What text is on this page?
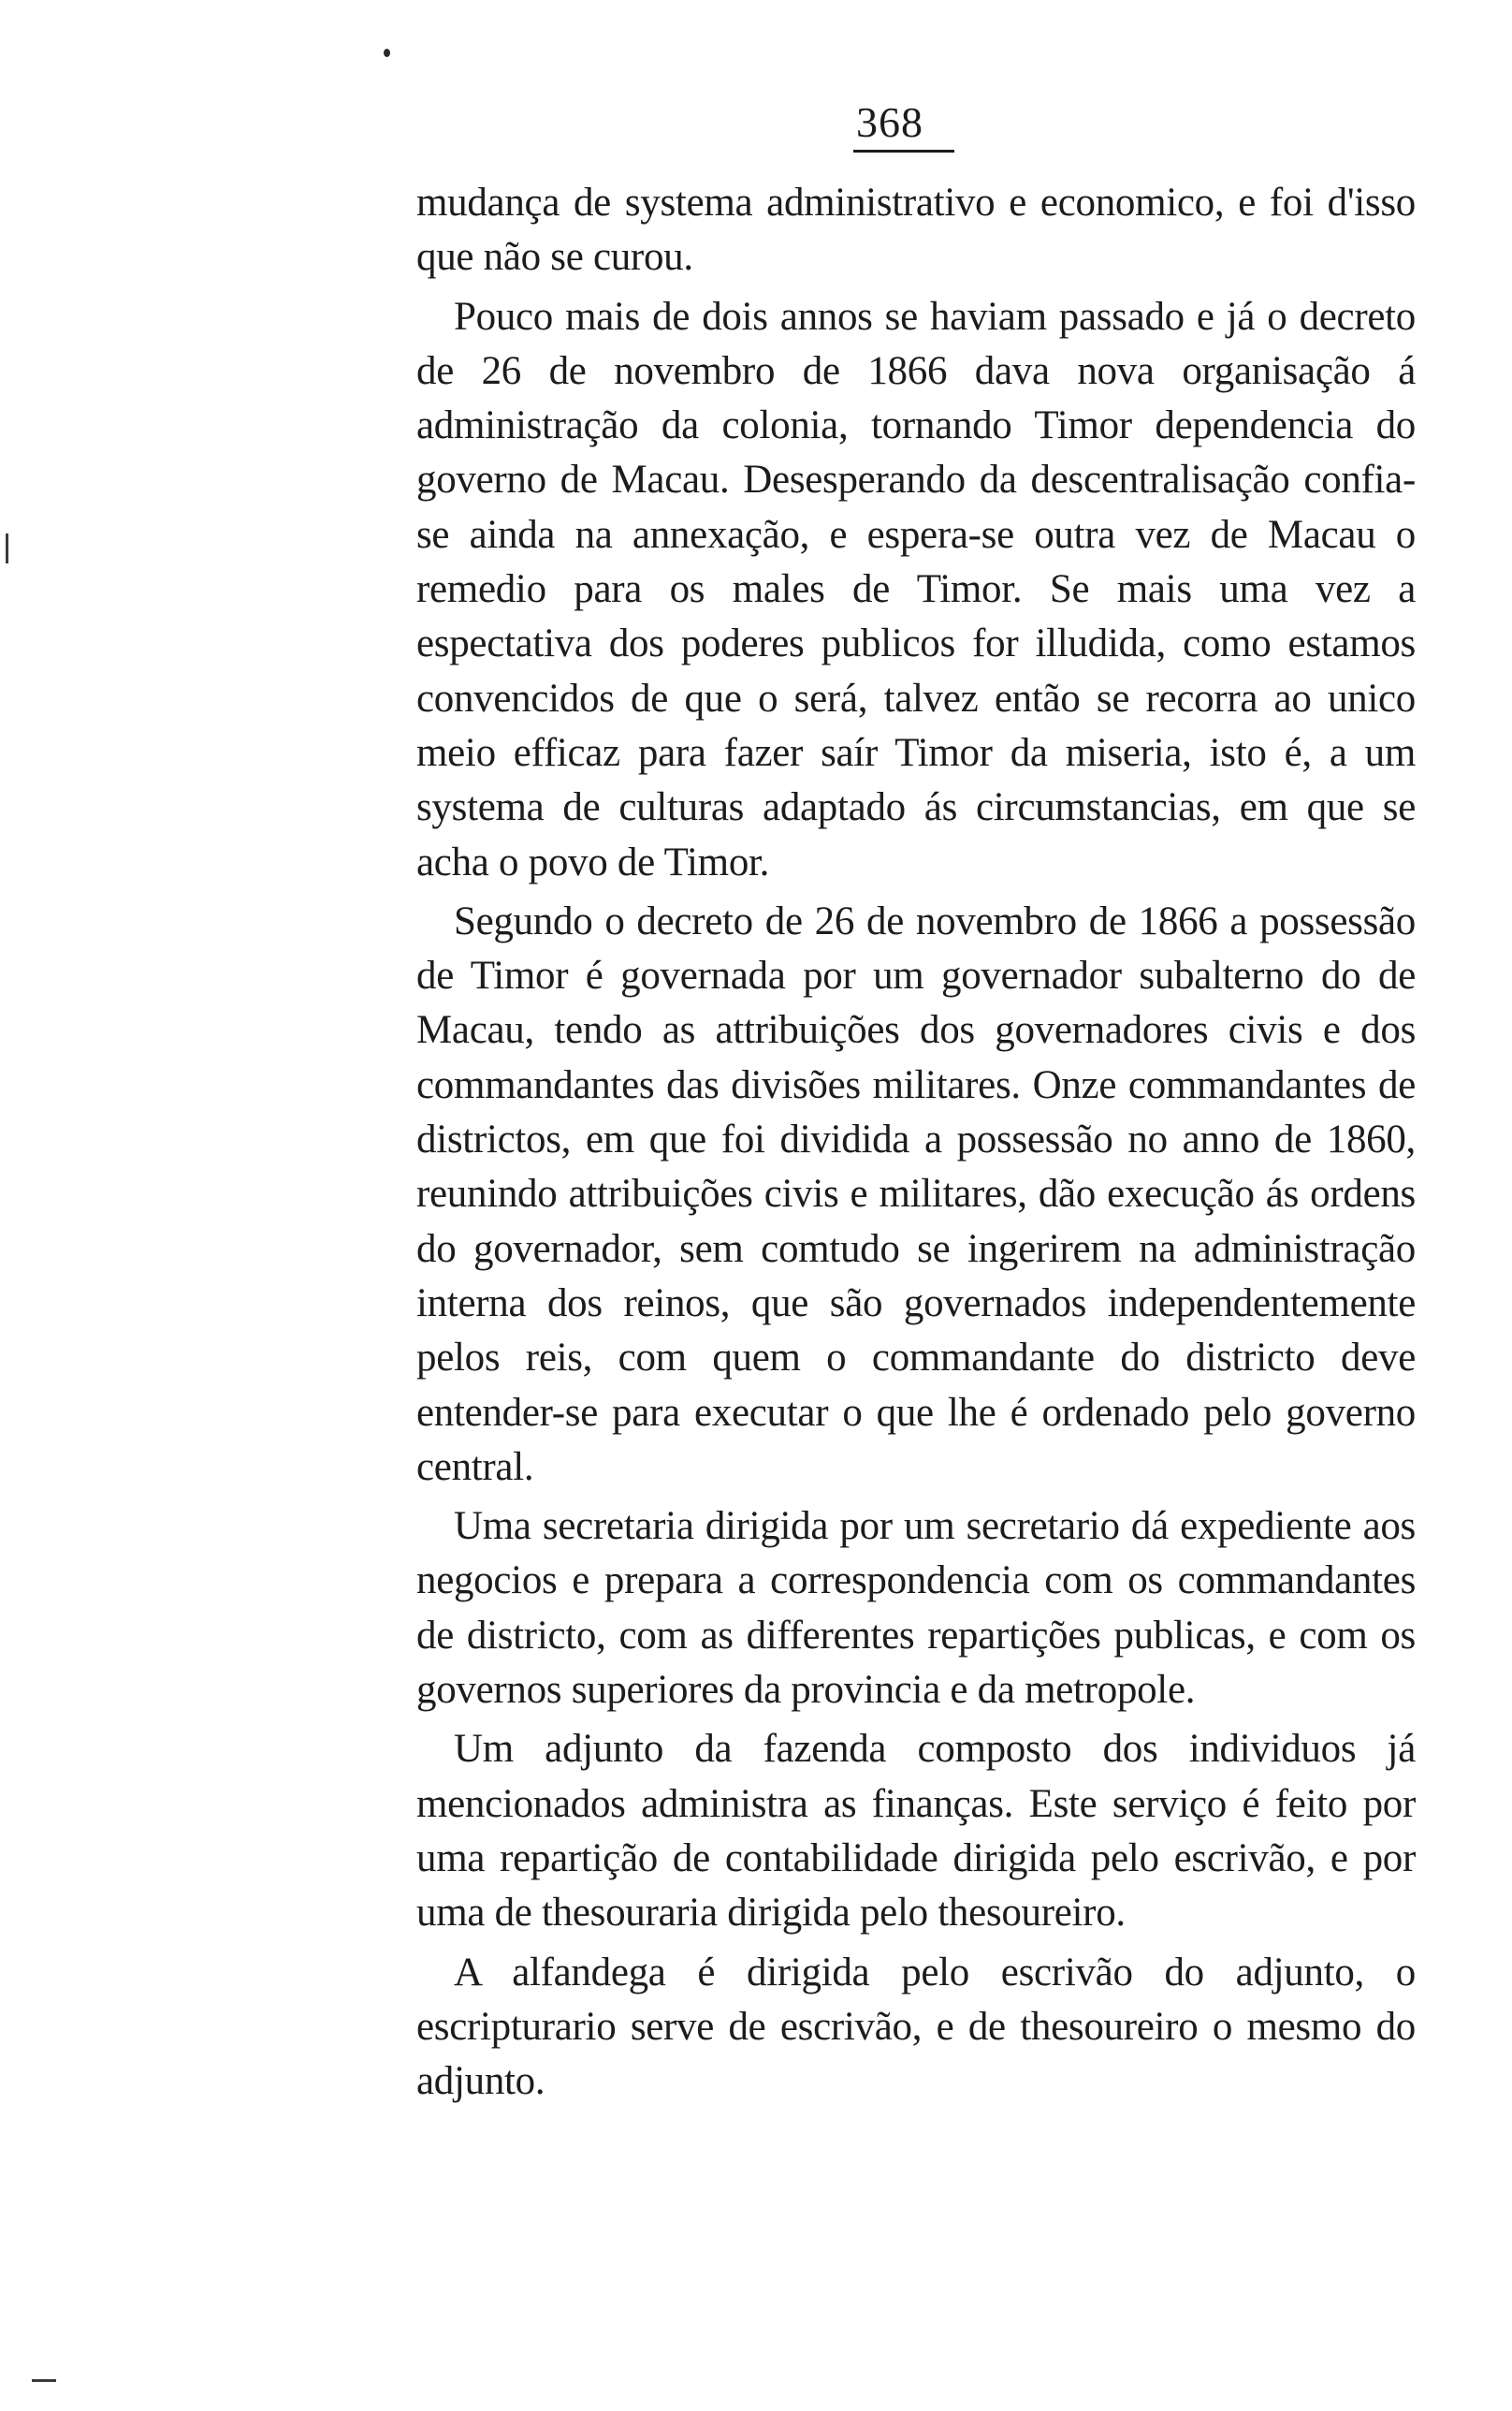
368

mudança de systema administrativo e economico, e foi d'isso que não se curou.

Pouco mais de dois annos se haviam passado e já o decreto de 26 de novembro de 1866 dava nova organisação á administração da colonia, tornando Timor dependencia do governo de Macau. Desesperando da descentralisação confia-se ainda na annexação, e espera-se outra vez de Macau o remedio para os males de Timor. Se mais uma vez a espectativa dos poderes publicos for illudida, como estamos convencidos de que o será, talvez então se recorra ao unico meio efficaz para fazer saír Timor da miseria, isto é, a um systema de culturas adaptado ás circumstancias, em que se acha o povo de Timor.

Segundo o decreto de 26 de novembro de 1866 a possessão de Timor é governada por um governador subalterno do de Macau, tendo as attribuições dos governadores civis e dos commandantes das divisões militares. Onze commandantes de districtos, em que foi dividida a possessão no anno de 1860, reunindo attribuições civis e militares, dão execução ás ordens do governador, sem comtudo se ingerirem na administração interna dos reinos, que são governados independentemente pelos reis, com quem o commandante do districto deve entender-se para executar o que lhe é ordenado pelo governo central.

Uma secretaria dirigida por um secretario dá expediente aos negocios e prepara a correspondencia com os commandantes de districto, com as differentes repartições publicas, e com os governos superiores da provincia e da metropole.

Um adjunto da fazenda composto dos individuos já mencionados administra as finanças. Este serviço é feito por uma repartição de contabilidade dirigida pelo escrivão, e por uma de thesouraria dirigida pelo thesoureiro.

A alfandega é dirigida pelo escrivão do adjunto, o escripturario serve de escrivão, e de thesoureiro o mesmo do adjunto.
